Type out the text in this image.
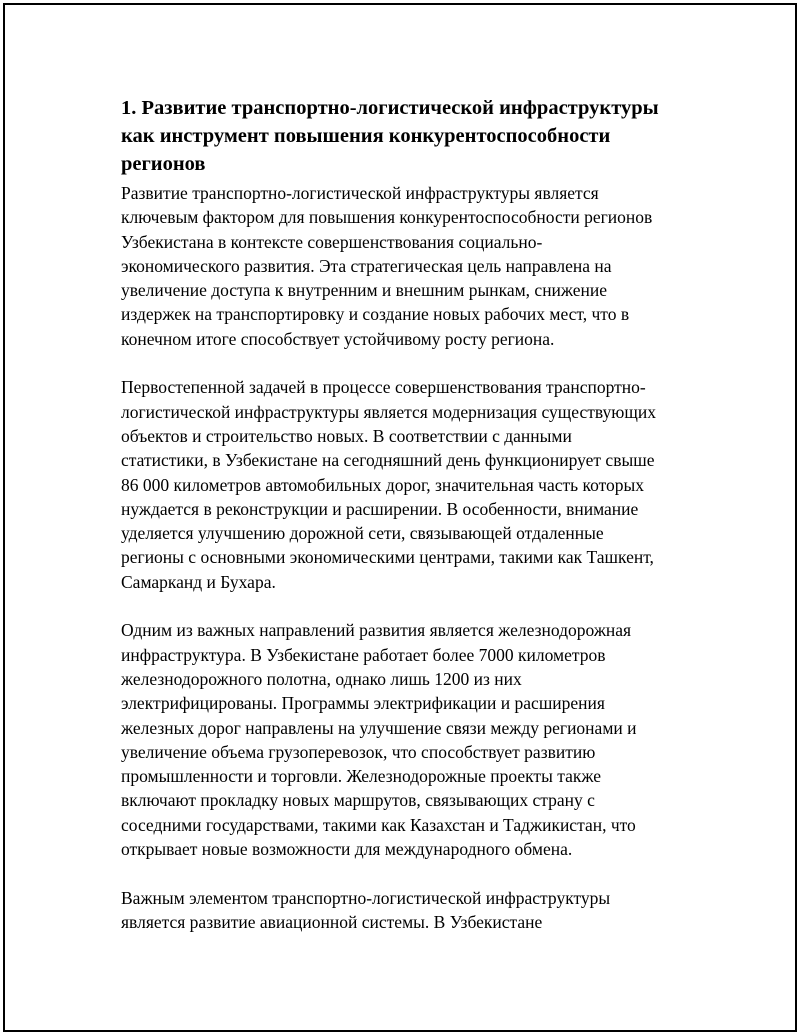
1. Развитие транспортно-логистической инфраструктуры
как инструмент повышения конкурентоспособности
регионов
Развитие транспортно-логистической инфраструктуры является
ключевым фактором для повышения конкурентоспособности регионов
Узбекистана в контексте совершенствования социально-
экономического развития. Эта стратегическая цель направлена на
увеличение доступа к внутренним и внешним рынкам, снижение
издержек на транспортировку и создание новых рабочих мест, что в
конечном итоге способствует устойчивому росту региона.
Первостепенной задачей в процессе совершенствования транспортно-
логистической инфраструктуры является модернизация существующих
объектов и строительство новых. В соответствии с данными
статистики, в Узбекистане на сегодняшний день функционирует свыше
86 000 километров автомобильных дорог, значительная часть которых
нуждается в реконструкции и расширении. В особенности, внимание
уделяется улучшению дорожной сети, связывающей отдаленные
регионы с основными экономическими центрами, такими как Ташкент,
Самарканд и Бухара.
Одним из важных направлений развития является железнодорожная
инфраструктура. В Узбекистане работает более 7000 километров
железнодорожного полотна, однако лишь 1200 из них
электрифицированы. Программы электрификации и расширения
железных дорог направлены на улучшение связи между регионами и
увеличение объема грузоперевозок, что способствует развитию
промышленности и торговли. Железнодорожные проекты также
включают прокладку новых маршрутов, связывающих страну с
соседними государствами, такими как Казахстан и Таджикистан, что
открывает новые возможности для международного обмена.
Важным элементом транспортно-логистической инфраструктуры
является развитие авиационной системы. В Узбекистане
